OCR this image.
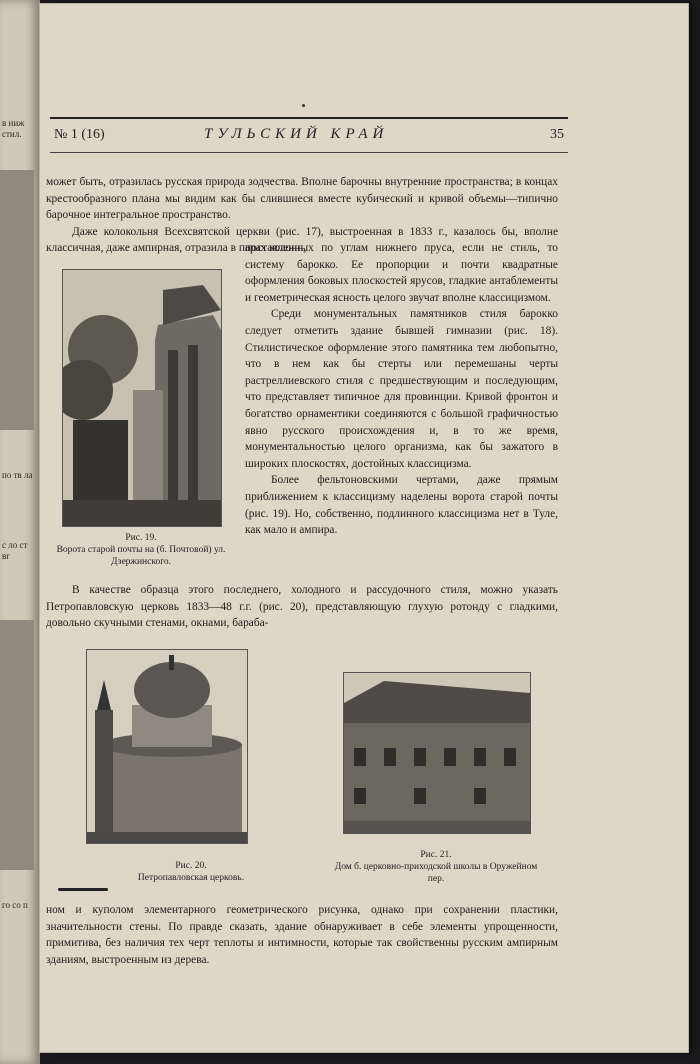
в ниж стил.
по тв ла
с ло ст вг
го со п
№ 1 (16)	ТУЛЬСКИЙ КРАЙ	35
может быть, отразилась русская природа зодчества. Вполне барочны внутренние пространства; в концах крестообразного плана мы видим как бы слившиеся вместе кубический и кривой объемы—типично барочное интегральное пространство.
Даже колокольня Всехсвятской церкви (рис. 17), выстроенная в 1833 г., казалось бы, вполне классичная, даже ампирная, отразила в парах колонн,
Рис. 19.
Ворота старой почты на (б. Почтовой) ул. Дзержинского.
поставленных по углам нижнего пруса, если не стиль, то систему барокко. Ее пропорции и почти квадратные оформления боковых плоскостей ярусов, гладкие антаблементы и геометрическая ясность целого звучат вполне классицизмом.
Среди монументальных памятников стиля барокко следует отметить здание бывшей гимназии (рис. 18). Стилистическое оформление этого памятника тем любопытно, что в нем как бы стерты или перемешаны черты растреллиевского стиля с предшествующим и последующим, что представляет типичное для провинции. Кривой фронтон и богатство орнаментики соединяются с большой графичностью явно русского происхождения и, в то же время, монументальностью целого организма, как бы зажатого в широких плоскостях, достойных классицизма.
Более фельтоновскими чертами, даже прямым приближением к классицизму наделены ворота старой почты (рис. 19). Но, собственно, подлинного классицизма нет в Туле, как мало и ампира.
В качестве образца этого последнего, холодного и рассудочного стиля, можно указать Петропавловскую церковь 1833—48 г.г. (рис. 20), представляющую глухую ротонду с гладкими, довольно скучными стенами, окнами, бараба-
Рис. 20.
Петропавловская церковь.
Рис. 21.
Дом б. церковно-приходской школы в Оружейном пер.
ном и куполом элементарного геометрического рисунка, однако при сохранении пластики, значительности стены. По правде сказать, здание обнаруживает в себе элементы упрощенности, примитива, без наличия тех черт теплоты и интимности, которые так свойственны русским ампирным зданиям, выстроенным из дерева.
